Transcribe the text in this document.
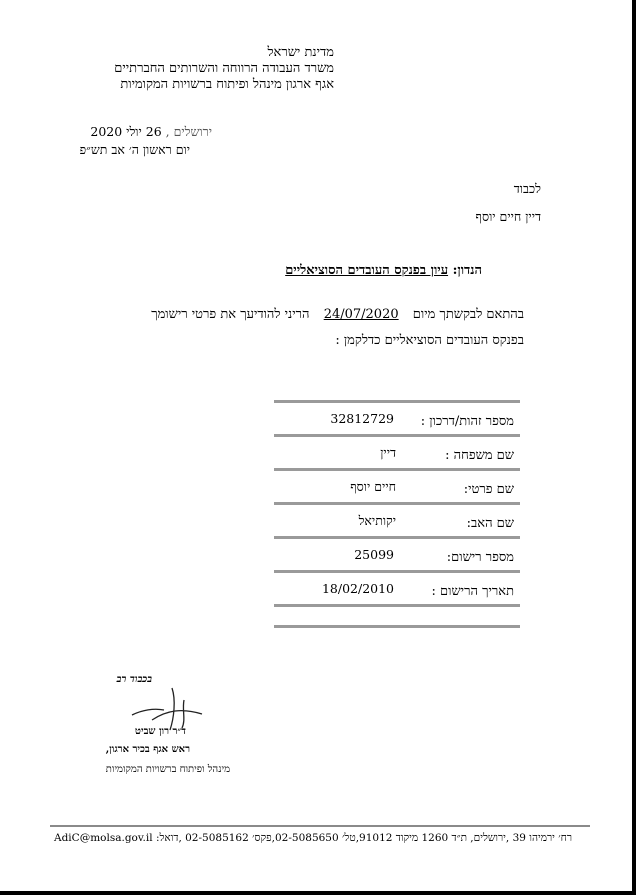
מדינת ישראל
משרד העבודה הרווחה והשרותים החברתיים
אגף ארגון מינהל ופיתוח ברשויות המקומיות
ירושלים , 26 יולי 2020
יום ראשון ה׳ אב תש״פ
לכבוד
דיין חיים יוסף
הנדון: עיון בפנקס העובדים הסוציאליים
בהתאם לבקשתך מיום 24/07/2020 הריני להודיעך את פרטי רישומך
בפנקס העובדים הסוציאליים כדלקמן :
מספר זהות/דרכון :
32812729
שם משפחה :
דיין
שם פרטי:
חיים יוסף
שם האב:
יקותיאל
מספר רישום:
25099
תאריך הרישום :
18/02/2010
בכבוד רב
ד״ר רון שביט
ראש אגף בכיר ארגון,
מינהל ופיתוח ברשויות המקומיות
AdiC@molsa.gov.il רח׳ ירמיהו 39 ,ירושלים, ת״ד 1260 מיקוד 91012,טל׳ 02-5085650,פקס׳ 02-5085162 ,דואל:
